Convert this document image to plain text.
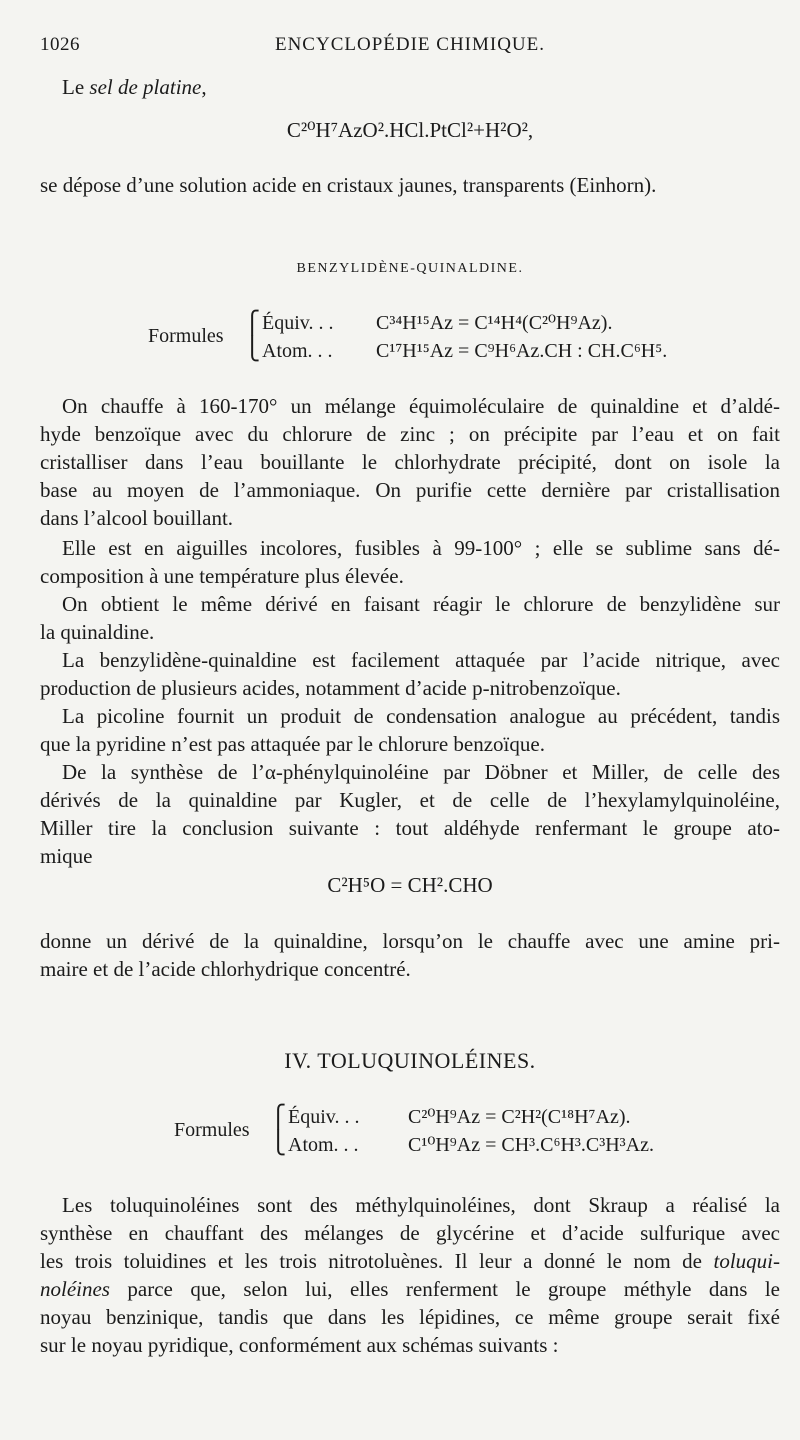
1026	ENCYCLOPÉDIE CHIMIQUE.
Le sel de platine,
C²⁰H⁷AzO².HCl.PtCl²+H²O²,
se dépose d’une solution acide en cristaux jaunes, transparents (Einhorn).
BENZYLIDÈNE-QUINALDINE.
Formules
⎧
⎩
Équiv. . . C³⁴H¹⁵Az = C¹⁴H⁴(C²⁰H⁹Az).
Atom. . . C¹⁷H¹⁵Az = C⁹H⁶Az.CH : CH.C⁶H⁵.
On chauffe à 160-170° un mélange équimoléculaire de quinaldine et d’aldé-
hyde benzoïque avec du chlorure de zinc ; on précipite par l’eau et on fait
cristalliser dans l’eau bouillante le chlorhydrate précipité, dont on isole la
base au moyen de l’ammoniaque. On purifie cette dernière par cristallisation
dans l’alcool bouillant.
Elle est en aiguilles incolores, fusibles à 99-100° ; elle se sublime sans dé-
composition à une température plus élevée.
On obtient le même dérivé en faisant réagir le chlorure de benzylidène sur
la quinaldine.
La benzylidène-quinaldine est facilement attaquée par l’acide nitrique, avec
production de plusieurs acides, notamment d’acide p-nitrobenzoïque.
La picoline fournit un produit de condensation analogue au précédent, tandis
que la pyridine n’est pas attaquée par le chlorure benzoïque.
De la synthèse de l’α-phénylquinoléine par Döbner et Miller, de celle des
dérivés de la quinaldine par Kugler, et de celle de l’hexylamylquinoléine,
Miller tire la conclusion suivante : tout aldéhyde renfermant le groupe ato-
mique
C²H⁵O = CH².CHO
donne un dérivé de la quinaldine, lorsqu’on le chauffe avec une amine pri-
maire et de l’acide chlorhydrique concentré.
IV. TOLUQUINOLÉINES.
Formules
⎧
⎩
Équiv. . . C²⁰H⁹Az = C²H²(C¹⁸H⁷Az).
Atom. . . C¹⁰H⁹Az = CH³.C⁶H³.C³H³Az.
Les toluquinoléines sont des méthylquinoléines, dont Skraup a réalisé la
synthèse en chauffant des mélanges de glycérine et d’acide sulfurique avec
les trois toluidines et les trois nitrotoluènes. Il leur a donné le nom de toluqui-
noléines parce que, selon lui, elles renferment le groupe méthyle dans le
noyau benzinique, tandis que dans les lépidines, ce même groupe serait fixé
sur le noyau pyridique, conformément aux schémas suivants :
